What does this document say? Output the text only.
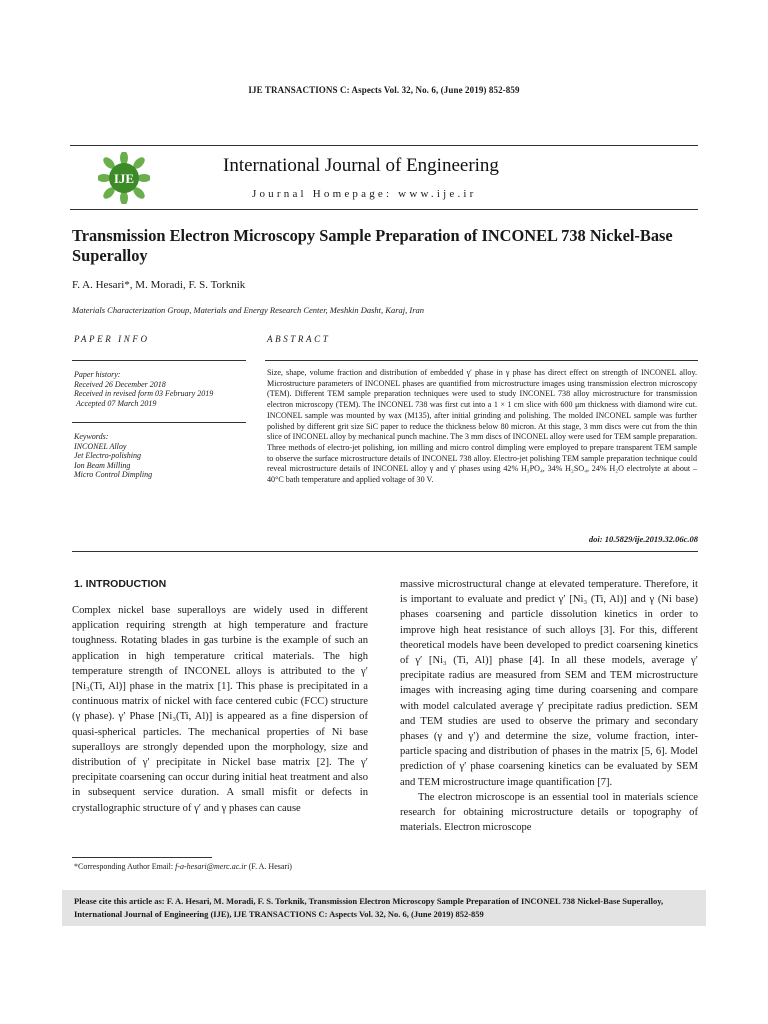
IJE TRANSACTIONS C: Aspects Vol. 32, No. 6, (June 2019) 852-859
IJE
International Journal of Engineering
Journal Homepage: www.ije.ir
Transmission Electron Microscopy Sample Preparation of INCONEL 738 Nickel-Base Superalloy
F. A. Hesari*, M. Moradi, F. S. Torknik
Materials Characterization Group, Materials and Energy Research Center, Meshkin Dasht, Karaj, Iran
PAPER INFO
Paper history:
Received 26 December 2018
Received in revised form 03 February 2019
Accepted 07 March 2019
Keywords:
INCONEL Alloy
Jet Electro-polishing
Ion Beam Milling
Micro Control Dimpling
ABSTRACT
Size, shape, volume fraction and distribution of embedded γ′ phase in γ phase has direct effect on strength of INCONEL alloy. Microstructure parameters of INCONEL phases are quantified from microstructure images using transmission electron microscopy (TEM). Different TEM sample preparation techniques were used to study INCONEL 738 alloy microstructure for transmission electron microscopy (TEM). The INCONEL 738 was first cut into a 1 × 1 cm slice with 600 μm thickness with diamond wire cut. INCONEL sample was mounted by wax (M135), after initial grinding and polishing. The molded INCONEL sample was further polished by different grit size SiC paper to reduce the thickness below 80 micron. At this stage, 3 mm discs were cut from the thin slice of INCONEL alloy by mechanical punch machine. The 3 mm discs of INCONEL alloy were used for TEM sample preparation. Three methods of electro-jet polishing, ion milling and micro control dimpling were employed to prepare transparent TEM sample to observe the surface microstructure details of INCONEL 738 alloy. Electro-jet polishing TEM sample preparation technique could reveal microstructure details of INCONEL alloy γ and γ′ phases using 42% H₃PO₄, 34% H₂SO₄, 24% H₂O electrolyte at about – 40°C bath temperature and applied voltage of 30 V.
doi: 10.5829/ije.2019.32.06c.08
1. INTRODUCTION

Complex nickel base superalloys are widely used in different application requiring strength at high temperature and fracture toughness. Rotating blades in gas turbine is the example of such an application in high temperature critical materials. The high temperature strength of INCONEL alloys is attributed to the γ′ [Ni₃(Ti, Al)] phase in the matrix [1]. This phase is precipitated in a continuous matrix of nickel with face centered cubic (FCC) structure (γ phase). γ′ Phase [Ni₃(Ti, Al)] is appeared as a fine dispersion of quasi-spherical particles. The mechanical properties of Ni base superalloys are strongly depended upon the morphology, size and distribution of γ′ precipitate in Nickel base matrix [2]. The γ′ precipitate coarsening can occur during initial heat treatment and also in subsequent service duration. A small misfit or defects in crystallographic structure of γ′ and γ phases can cause

massive microstructural change at elevated temperature. Therefore, it is important to evaluate and predict γ′ [Ni₃ (Ti, Al)] and γ (Ni base) phases coarsening and particle dissolution kinetics in order to improve high heat resistance of such alloys [3]. For this, different theoretical models have been developed to predict coarsening kinetics of γ′ [Ni₃ (Ti, Al)] phase [4]. In all these models, average γ′ precipitate radius are measured from SEM and TEM microstructure images with increasing aging time during coarsening and compare with model calculated average γ′ precipitate radius prediction. SEM and TEM studies are used to observe the primary and secondary phases (γ and γ′) and determine the size, volume fraction, inter-particle spacing and distribution of phases in the matrix [5, 6]. Model prediction of γ′ phase coarsening kinetics can be evaluated by SEM and TEM microstructure image quantification [7].

The electron microscope is an essential tool in materials science research for obtaining microstructure details or topography of materials. Electron microscope

*Corresponding Author Email: f-a-hesari@merc.ac.ir (F. A. Hesari)
Please cite this article as: F. A. Hesari, M. Moradi, F. S. Torknik, Transmission Electron Microscopy Sample Preparation of INCONEL 738 Nickel-Base Superalloy, International Journal of Engineering (IJE), IJE TRANSACTIONS C: Aspects Vol. 32, No. 6, (June 2019) 852-859
